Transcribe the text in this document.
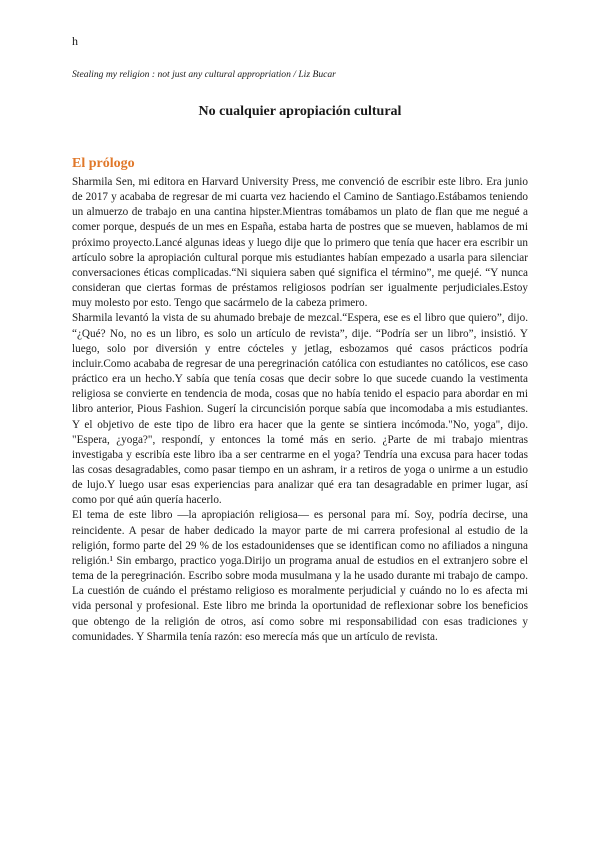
h
Stealing my religion : not just any cultural appropriation / Liz Bucar
No cualquier apropiación cultural
El prólogo

Sharmila Sen, mi editora en Harvard University Press, me convenció de escribir este libro. Era junio de 2017 y acababa de regresar de mi cuarta vez haciendo el Camino de Santiago.Estábamos teniendo un almuerzo de trabajo en una cantina hipster.Mientras tomábamos un plato de flan que me negué a comer porque, después de un mes en España, estaba harta de postres que se mueven, hablamos de mi próximo proyecto.Lancé algunas ideas y luego dije que lo primero que tenía que hacer era escribir un artículo sobre la apropiación cultural porque mis estudiantes habían empezado a usarla para silenciar conversaciones éticas complicadas.“Ni siquiera saben qué significa el término”, me quejé. “Y nunca consideran que ciertas formas de préstamos religiosos podrían ser igualmente perjudiciales.Estoy muy molesto por esto. Tengo que sacármelo de la cabeza primero.

Sharmila levantó la vista de su ahumado brebaje de mezcal.“Espera, ese es el libro que quiero”, dijo. “¿Qué? No, no es un libro, es solo un artículo de revista”, dije. “Podría ser un libro”, insistió. Y luego, solo por diversión y entre cócteles y jetlag, esbozamos qué casos prácticos podría incluir.Como acababa de regresar de una peregrinación católica con estudiantes no católicos, ese caso práctico era un hecho.Y sabía que tenía cosas que decir sobre lo que sucede cuando la vestimenta religiosa se convierte en tendencia de moda, cosas que no había tenido el espacio para abordar en mi libro anterior, Pious Fashion. Sugerí la circuncisión porque sabía que incomodaba a mis estudiantes. Y el objetivo de este tipo de libro era hacer que la gente se sintiera incómoda."No, yoga", dijo. "Espera, ¿yoga?", respondí, y entonces la tomé más en serio. ¿Parte de mi trabajo mientras investigaba y escribía este libro iba a ser centrarme en el yoga? Tendría una excusa para hacer todas las cosas desagradables, como pasar tiempo en un ashram, ir a retiros de yoga o unirme a un estudio de lujo.Y luego usar esas experiencias para analizar qué era tan desagradable en primer lugar, así como por qué aún quería hacerlo.

El tema de este libro —la apropiación religiosa— es personal para mí. Soy, podría decirse, una reincidente. A pesar de haber dedicado la mayor parte de mi carrera profesional al estudio de la religión, formo parte del 29 % de los estadounidenses que se identifican como no afiliados a ninguna religión.¹ Sin embargo, practico yoga.Dirijo un programa anual de estudios en el extranjero sobre el tema de la peregrinación. Escribo sobre moda musulmana y la he usado durante mi trabajo de campo. La cuestión de cuándo el préstamo religioso es moralmente perjudicial y cuándo no lo es afecta mi vida personal y profesional. Este libro me brinda la oportunidad de reflexionar sobre los beneficios que obtengo de la religión de otros, así como sobre mi responsabilidad con esas tradiciones y comunidades. Y Sharmila tenía razón: eso merecía más que un artículo de revista.
